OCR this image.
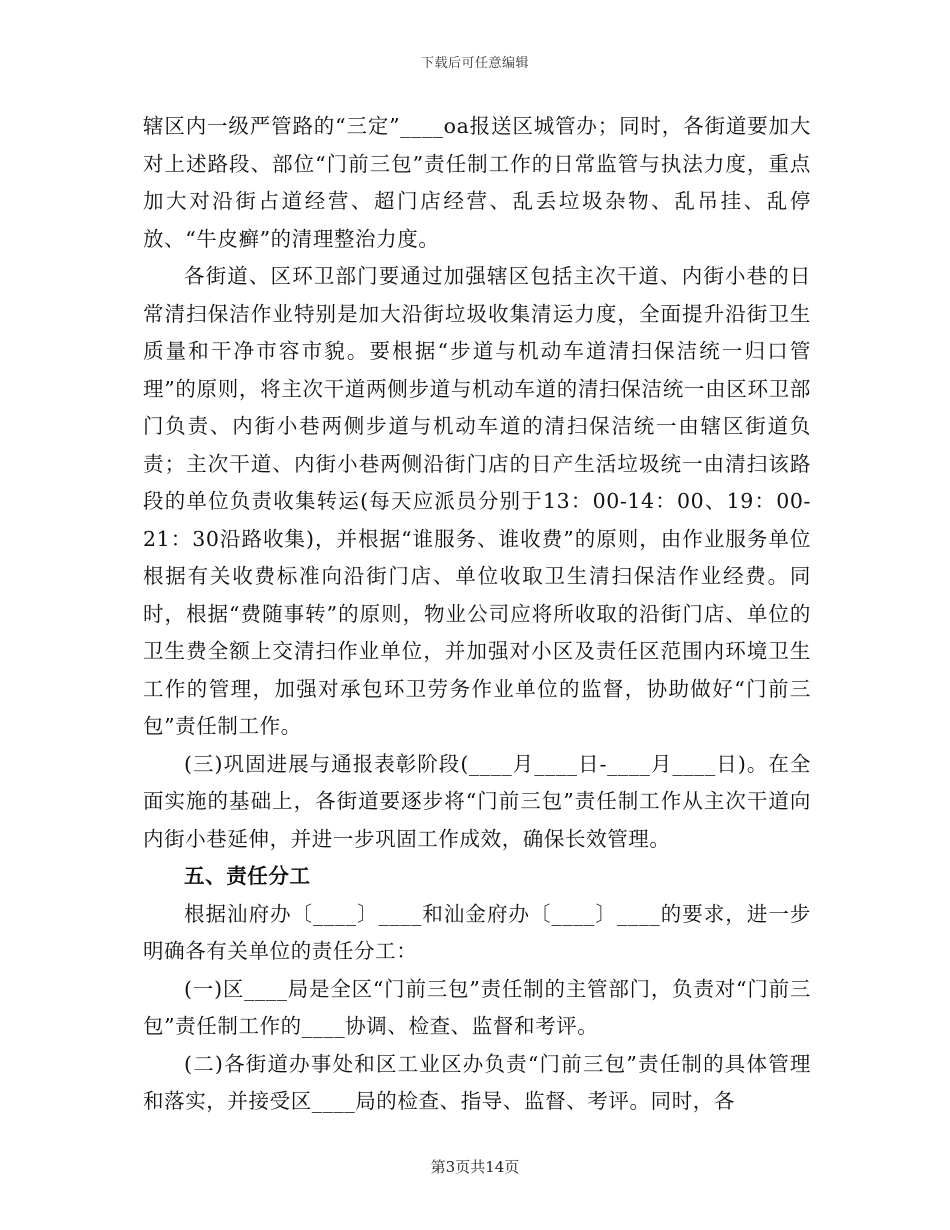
下载后可任意编辑

辖区内一级严管路的“三定”____oa报送区城管办；同时，各街道要加大对上述路段、部位“门前三包”责任制工作的日常监管与执法力度，重点加大对沿街占道经营、超门店经营、乱丢垃圾杂物、乱吊挂、乱停放、“牛皮癣”的清理整治力度。

各街道、区环卫部门要通过加强辖区包括主次干道、内街小巷的日常清扫保洁作业特别是加大沿街垃圾收集清运力度，全面提升沿街卫生质量和干净市容市貌。要根据“步道与机动车道清扫保洁统一归口管理”的原则，将主次干道两侧步道与机动车道的清扫保洁统一由区环卫部门负责、内街小巷两侧步道与机动车道的清扫保洁统一由辖区街道负责；主次干道、内街小巷两侧沿街门店的日产生活垃圾统一由清扫该路段的单位负责收集转运(每天应派员分别于13：00-14：00、19：00-21：30沿路收集)，并根据“谁服务、谁收费”的原则，由作业服务单位根据有关收费标准向沿街门店、单位收取卫生清扫保洁作业经费。同时，根据“费随事转”的原则，物业公司应将所收取的沿街门店、单位的卫生费全额上交清扫作业单位，并加强对小区及责任区范围内环境卫生工作的管理，加强对承包环卫劳务作业单位的监督，协助做好“门前三包”责任制工作。

(三)巩固进展与通报表彰阶段(____月____日-____月____日)。在全面实施的基础上，各街道要逐步将“门前三包”责任制工作从主次干道向内街小巷延伸，并进一步巩固工作成效，确保长效管理。

五、责任分工

根据汕府办〔____〕____和汕金府办〔____〕____的要求，进一步明确各有关单位的责任分工：

(一)区____局是全区“门前三包”责任制的主管部门，负责对“门前三包”责任制工作的____协调、检查、监督和考评。

(二)各街道办事处和区工业区办负责“门前三包”责任制的具体管理和落实，并接受区____局的检查、指导、监督、考评。同时，各

第3页共14页
